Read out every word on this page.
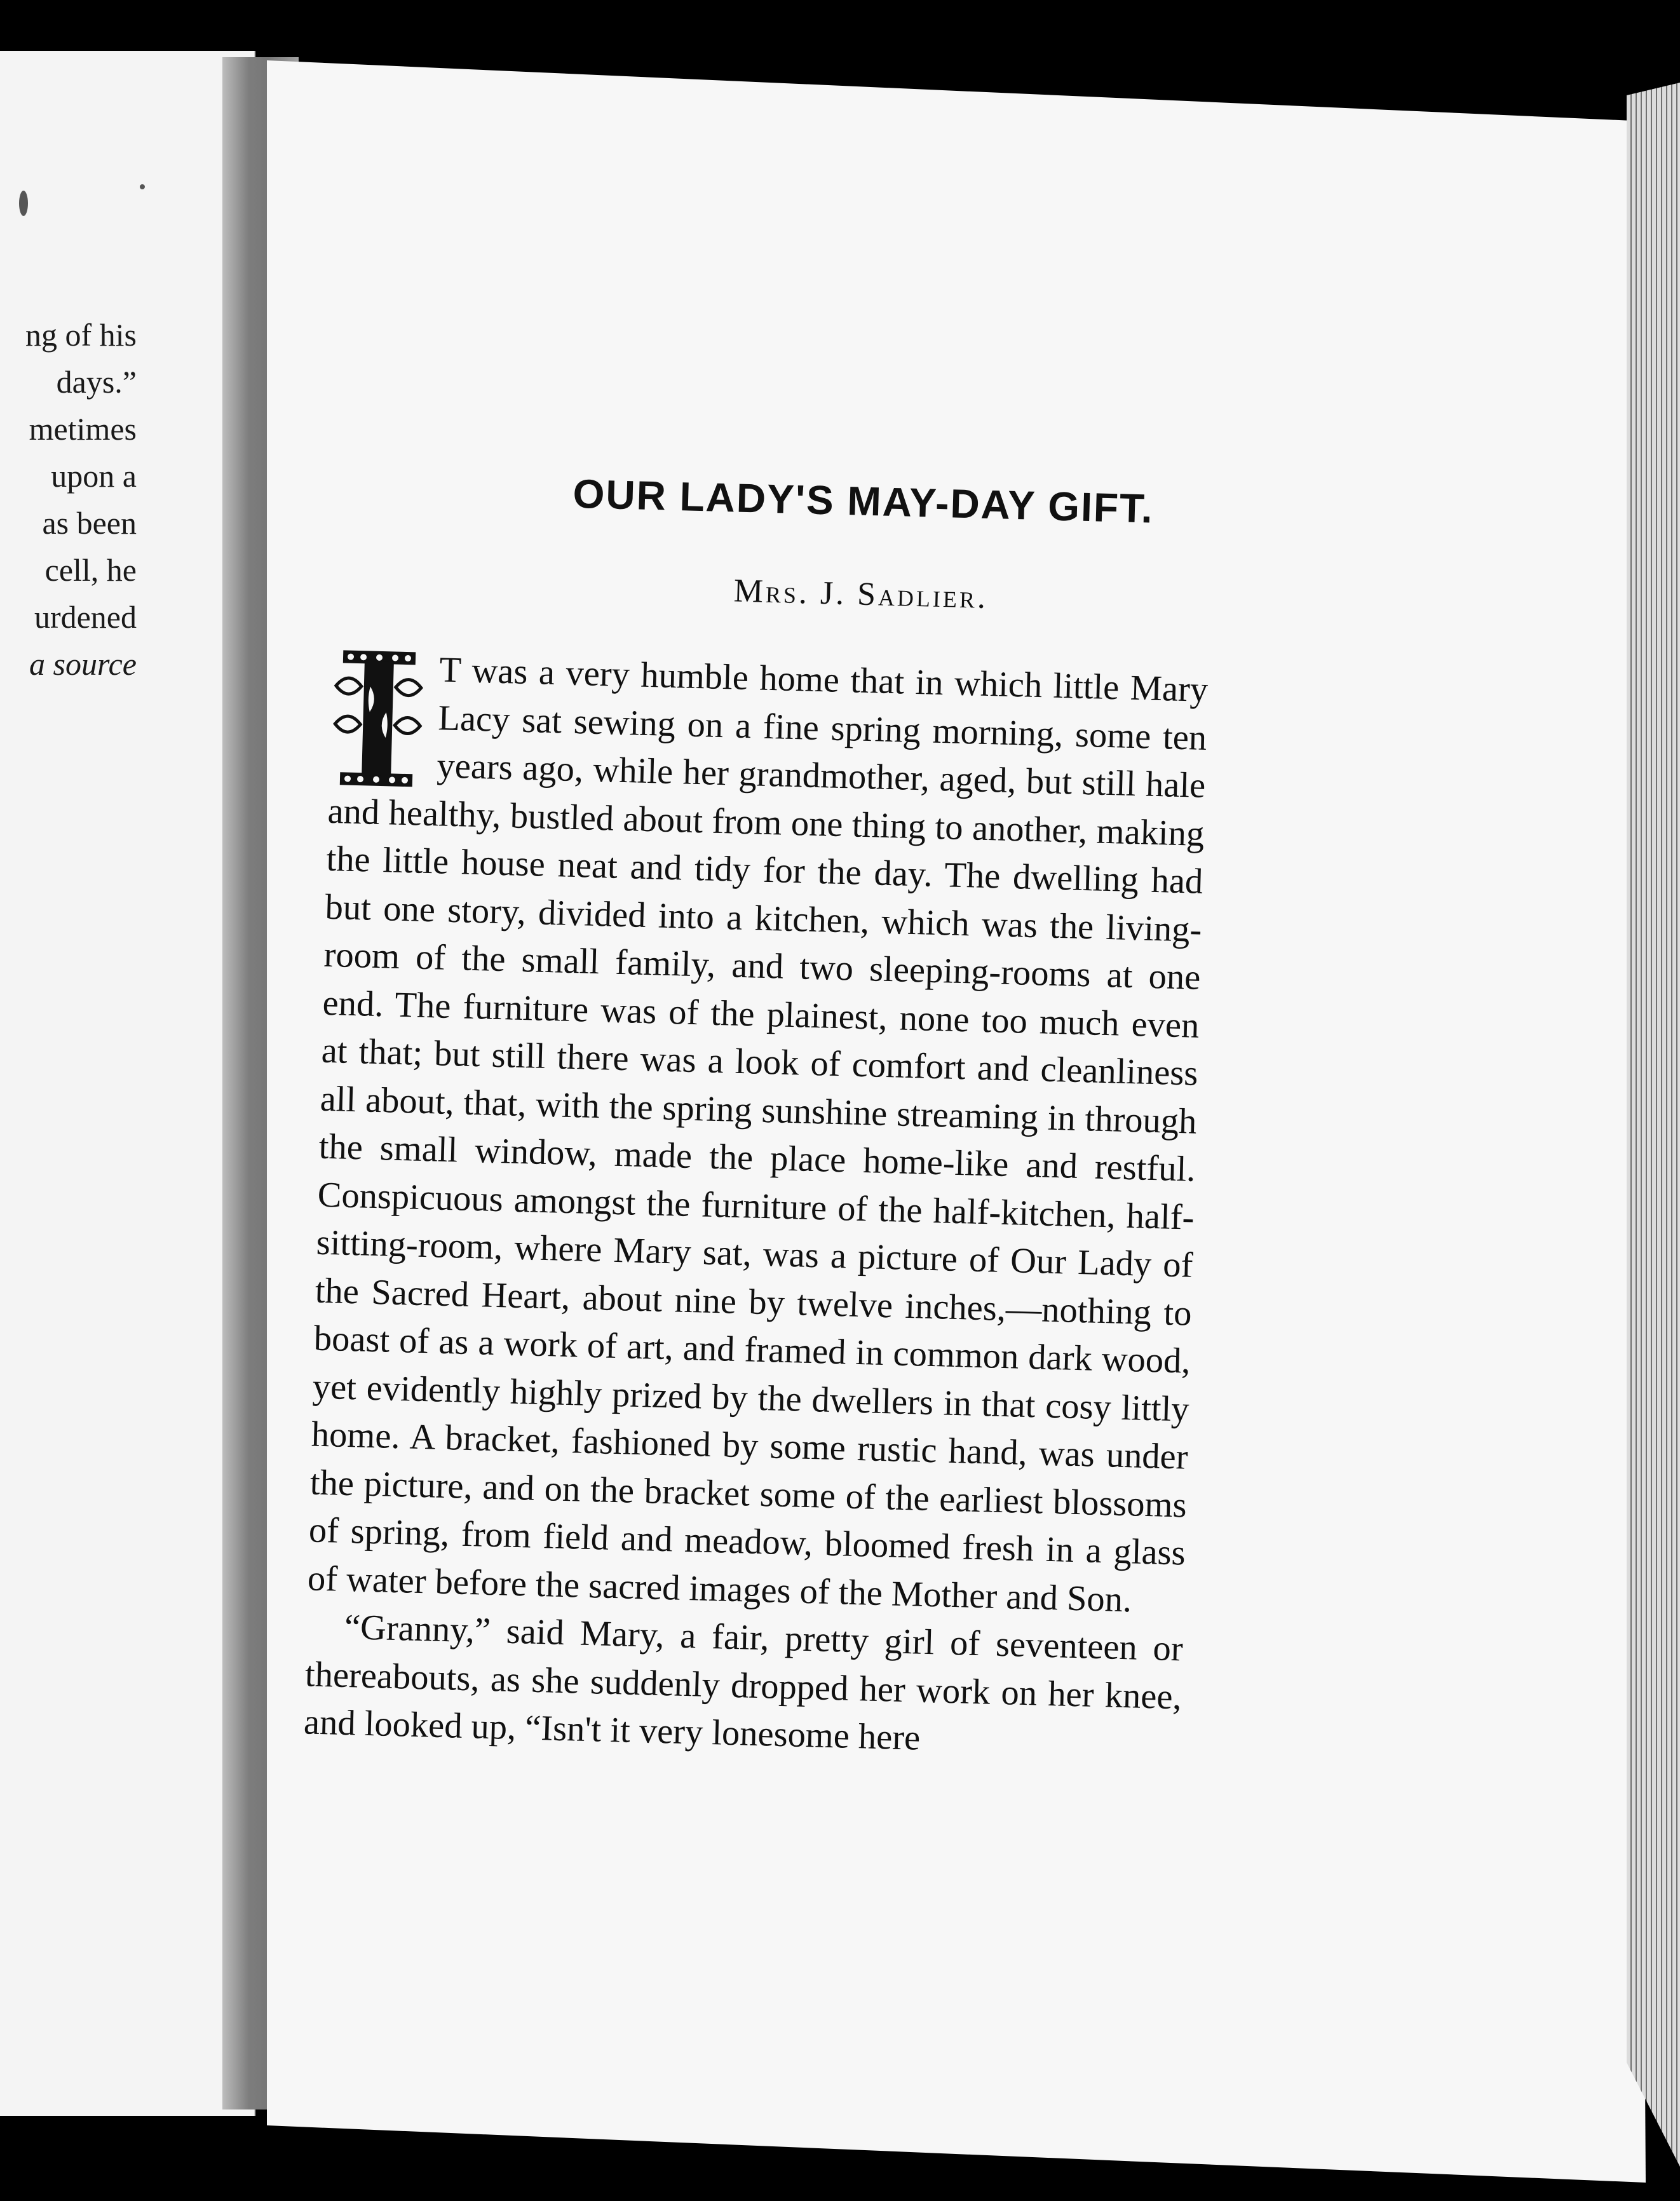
ng of his
days.”
metimes
upon a
as been
cell, he
urdened
a source
OUR LADY'S MAY-DAY GIFT.
Mrs. J. Sadlier.

T was a very humble home that in which little Mary Lacy sat sewing on a fine spring morning, some ten years ago, while her grandmother, aged, but still hale and healthy, bustled about from one thing to another, making the little house neat and tidy for the day. The dwelling had but one story, divided into a kitchen, which was the living-room of the small family, and two sleeping-rooms at one end. The furniture was of the plainest, none too much even at that; but still there was a look of comfort and cleanliness all about, that, with the spring sunshine streaming in through the small window, made the place home-like and restful. Conspicuous amongst the furniture of the half-kitchen, half-sitting-room, where Mary sat, was a picture of Our Lady of the Sacred Heart, about nine by twelve inches,—nothing to boast of as a work of art, and framed in common dark wood, yet evidently highly prized by the dwellers in that cosy littly home. A bracket, fashioned by some rustic hand, was under the picture, and on the bracket some of the earliest blossoms of spring, from field and meadow, bloomed fresh in a glass of water before the sacred images of the Mother and Son.

“Granny,” said Mary, a fair, pretty girl of seventeen or thereabouts, as she suddenly dropped her work on her knee, and looked up, “Isn't it very lonesome here
